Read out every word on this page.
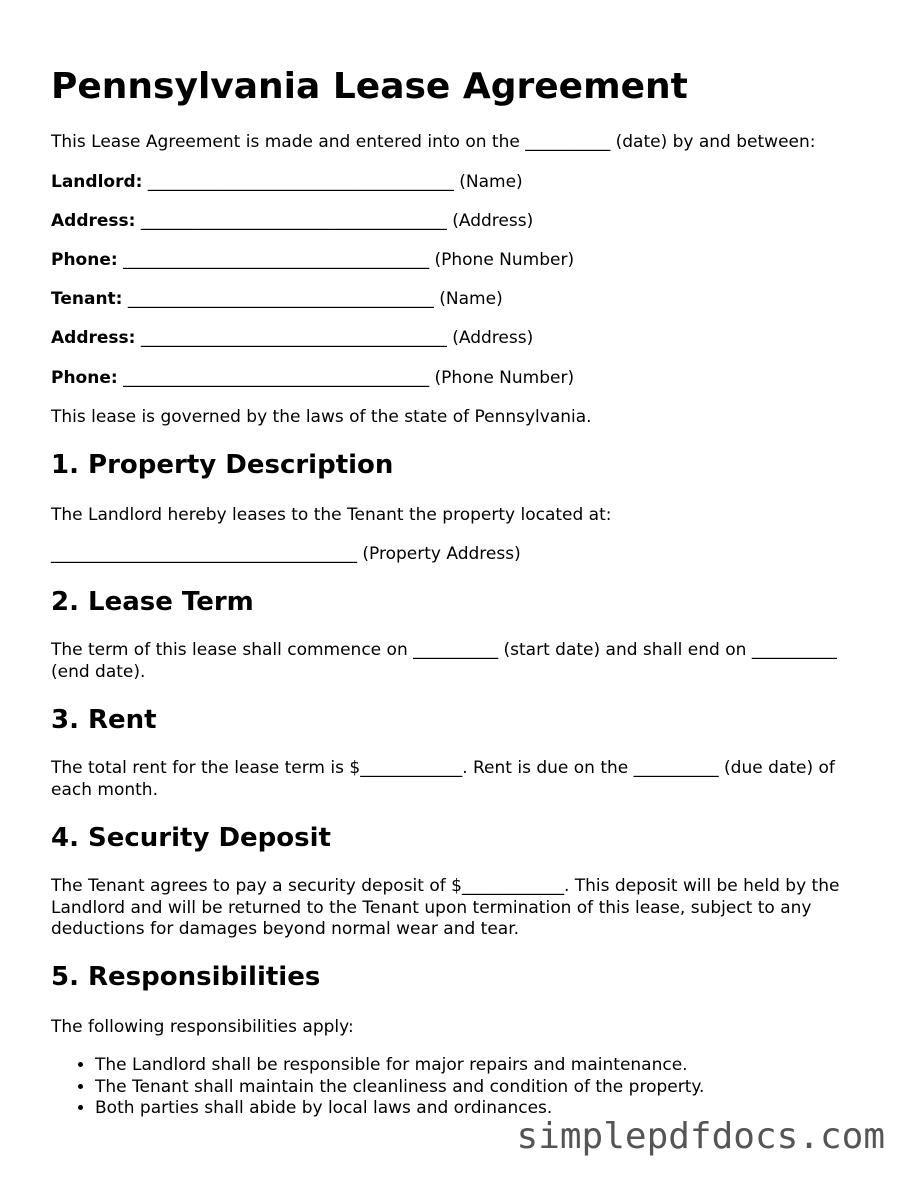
Pennsylvania Lease Agreement

This Lease Agreement is made and entered into on the __________ (date) by and between:

Landlord: ____________________________________ (Name)

Address: ____________________________________ (Address)

Phone: ____________________________________ (Phone Number)

Tenant: ____________________________________ (Name)

Address: ____________________________________ (Address)

Phone: ____________________________________ (Phone Number)

This lease is governed by the laws of the state of Pennsylvania.

1. Property Description

The Landlord hereby leases to the Tenant the property located at:

____________________________________ (Property Address)

2. Lease Term

The term of this lease shall commence on __________ (start date) and shall end on __________ (end date).

3. Rent

The total rent for the lease term is $____________. Rent is due on the __________ (due date) of each month.

4. Security Deposit

The Tenant agrees to pay a security deposit of $____________. This deposit will be held by the Landlord and will be returned to the Tenant upon termination of this lease, subject to any deductions for damages beyond normal wear and tear.

5. Responsibilities

The following responsibilities apply:

• The Landlord shall be responsible for major repairs and maintenance.
• The Tenant shall maintain the cleanliness and condition of the property.
• Both parties shall abide by local laws and ordinances.
simplepdfdocs.com
